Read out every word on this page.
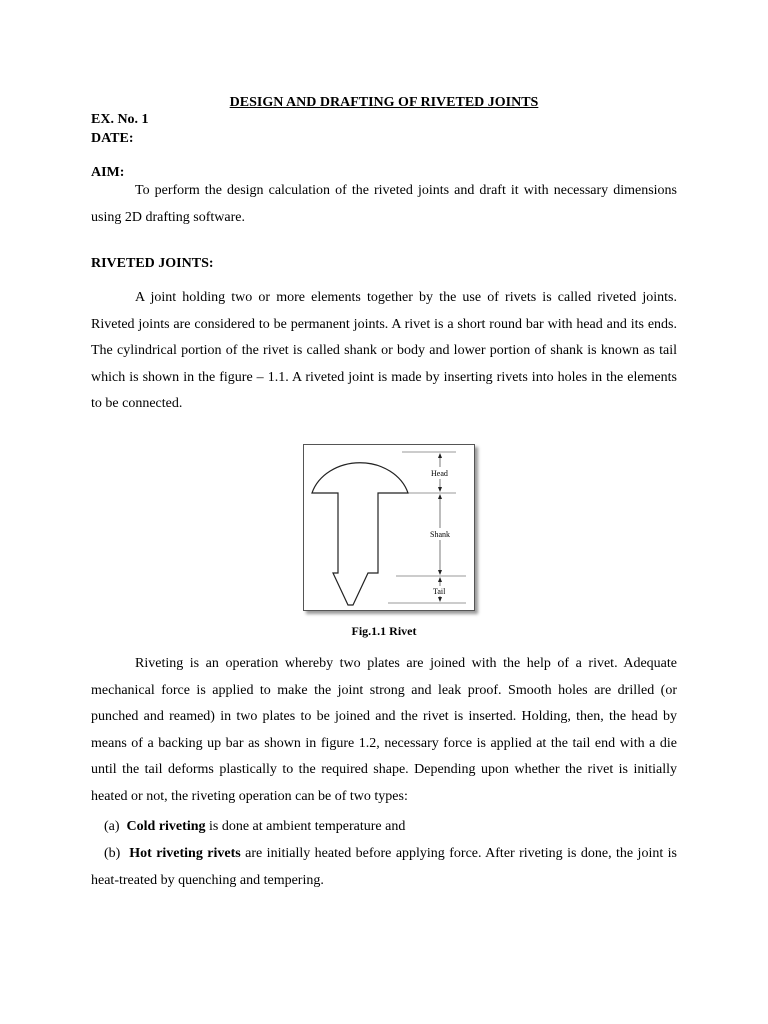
DESIGN AND DRAFTING OF RIVETED JOINTS
EX. No. 1
DATE:
AIM:

To perform the design calculation of the riveted joints and draft it with necessary dimensions using 2D drafting software.

RIVETED JOINTS:

A joint holding two or more elements together by the use of rivets is called riveted joints. Riveted joints are considered to be permanent joints. A rivet is a short round bar with head and its ends. The cylindrical portion of the rivet is called shank or body and lower portion of shank is known as tail which is shown in the figure – 1.1. A riveted joint is made by inserting rivets into holes in the elements to be connected.

Head
Shank
Tail
Fig.1.1 Rivet

Riveting is an operation whereby two plates are joined with the help of a rivet. Adequate mechanical force is applied to make the joint strong and leak proof. Smooth holes are drilled (or punched and reamed) in two plates to be joined and the rivet is inserted. Holding, then, the head by means of a backing up bar as shown in figure 1.2, necessary force is applied at the tail end with a die until the tail deforms plastically to the required shape. Depending upon whether the rivet is initially heated or not, the riveting operation can be of two types:

(a) Cold riveting is done at ambient temperature and

(b) Hot riveting rivets are initially heated before applying force. After riveting is done, the joint is heat-treated by quenching and tempering.
